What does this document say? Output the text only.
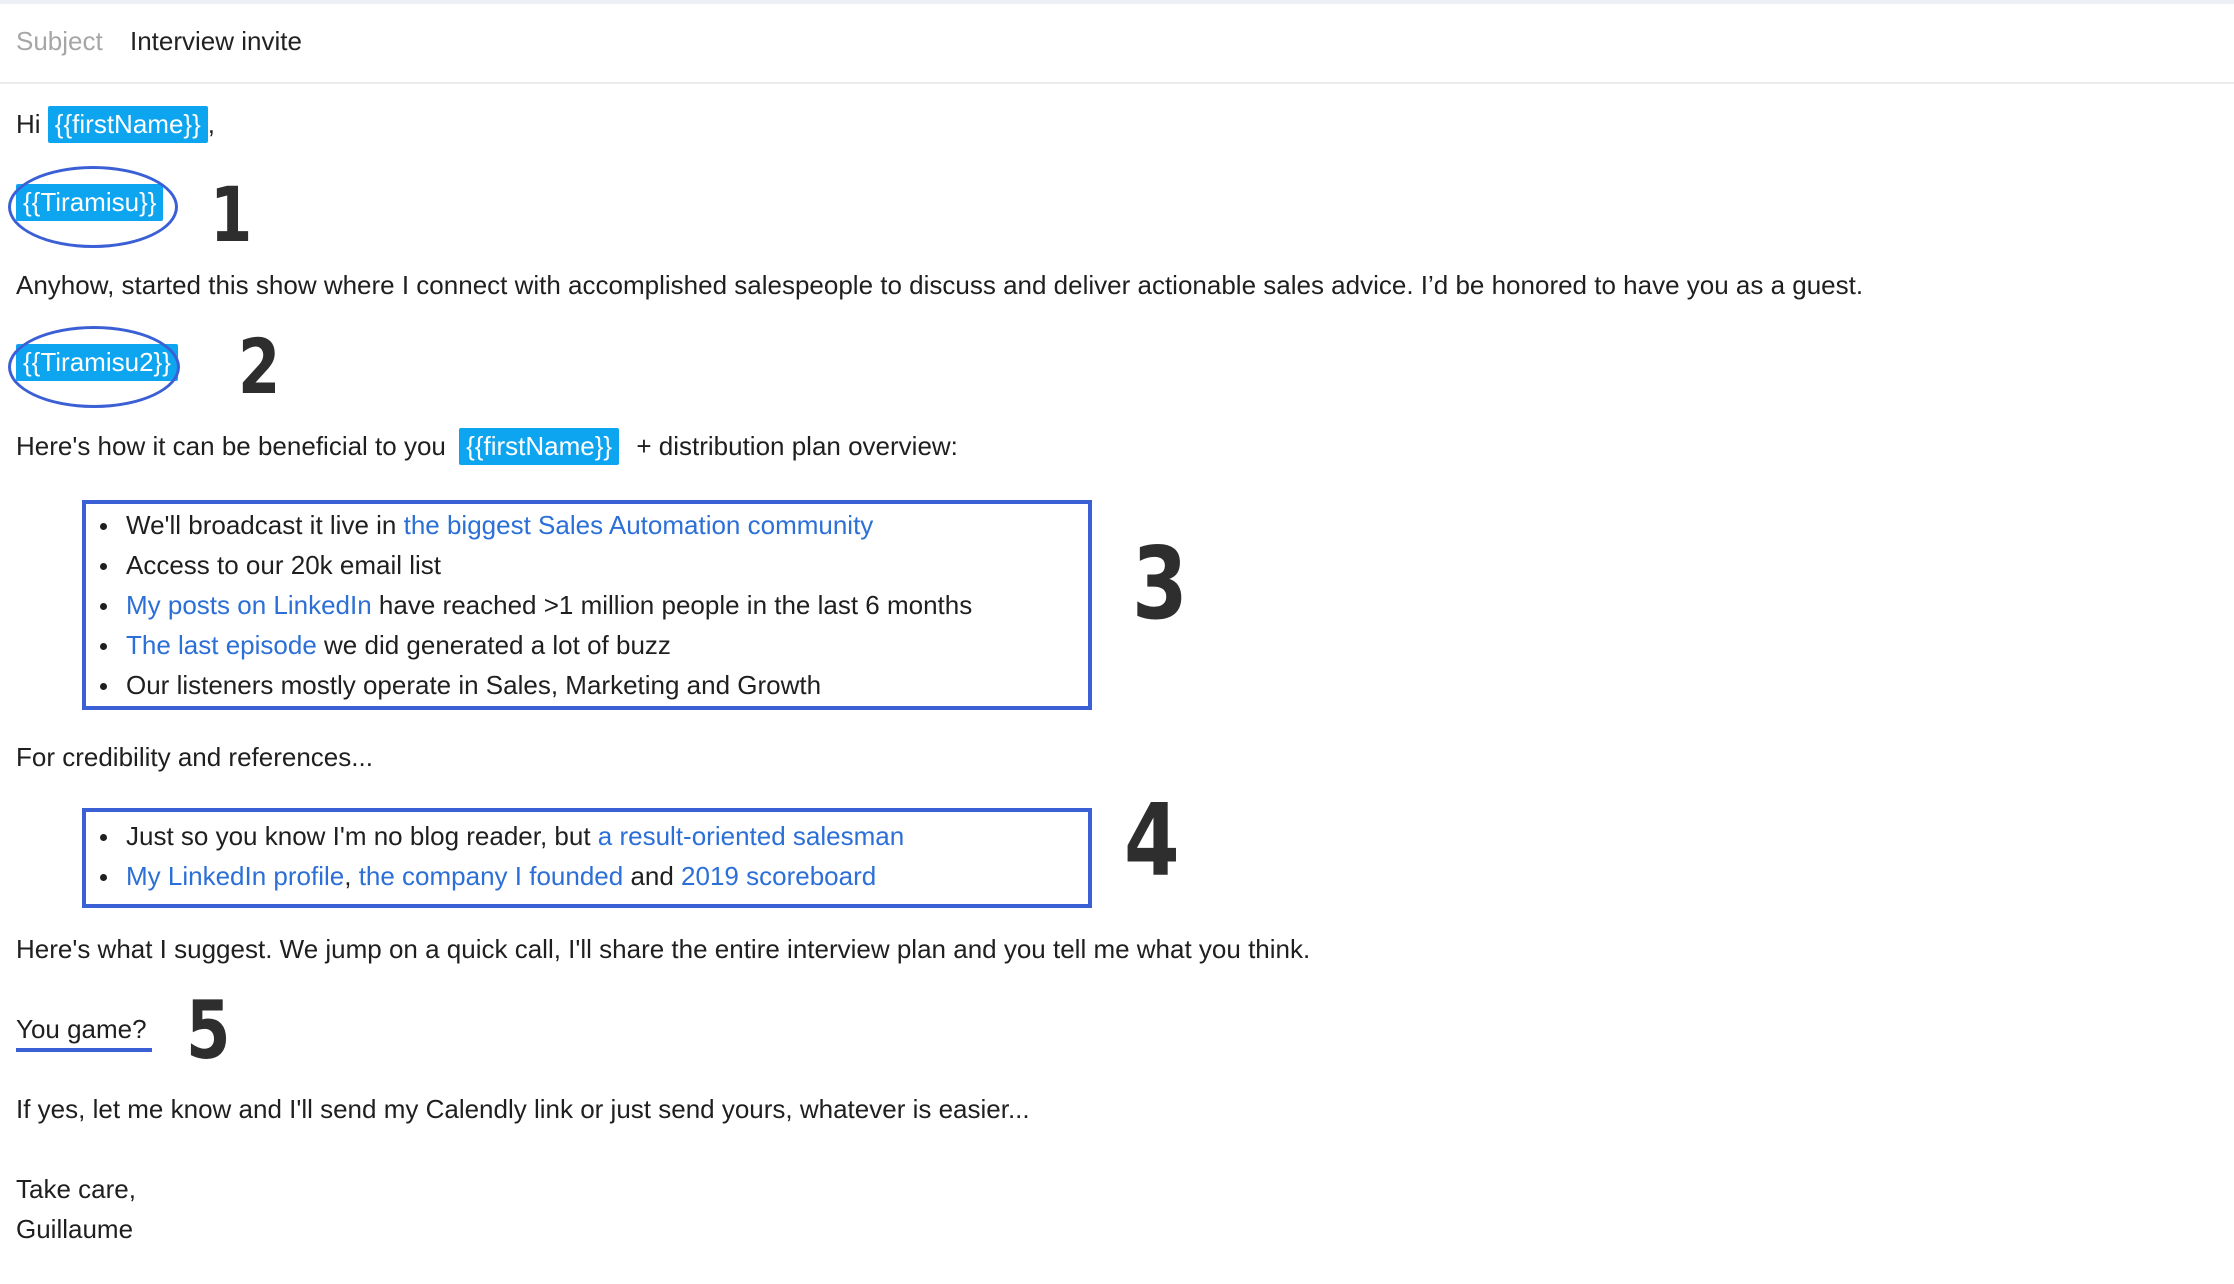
Subject Interview invite
Hi {{firstName}} ,
{{Tiramisu}} 1
Anyhow, started this show where I connect with accomplished salespeople to discuss and deliver actionable sales advice. I’d be honored to have you as a guest.
{{Tiramisu2}} 2
Here's how it can be beneficial to you {{firstName}} + distribution plan overview:
We'll broadcast it live in the biggest Sales Automation community
Access to our 20k email list
My posts on LinkedIn have reached >1 million people in the last 6 months
The last episode we did generated a lot of buzz
Our listeners mostly operate in Sales, Marketing and Growth
3
For credibility and references...
Just so you know I'm no blog reader, but a result-oriented salesman
My LinkedIn profile, the company I founded and 2019 scoreboard 4
Here's what I suggest. We jump on a quick call, I'll share the entire interview plan and you tell me what you think.
You game? 5
If yes, let me know and I'll send my Calendly link or just send yours, whatever is easier...
Take care,
Guillaume
